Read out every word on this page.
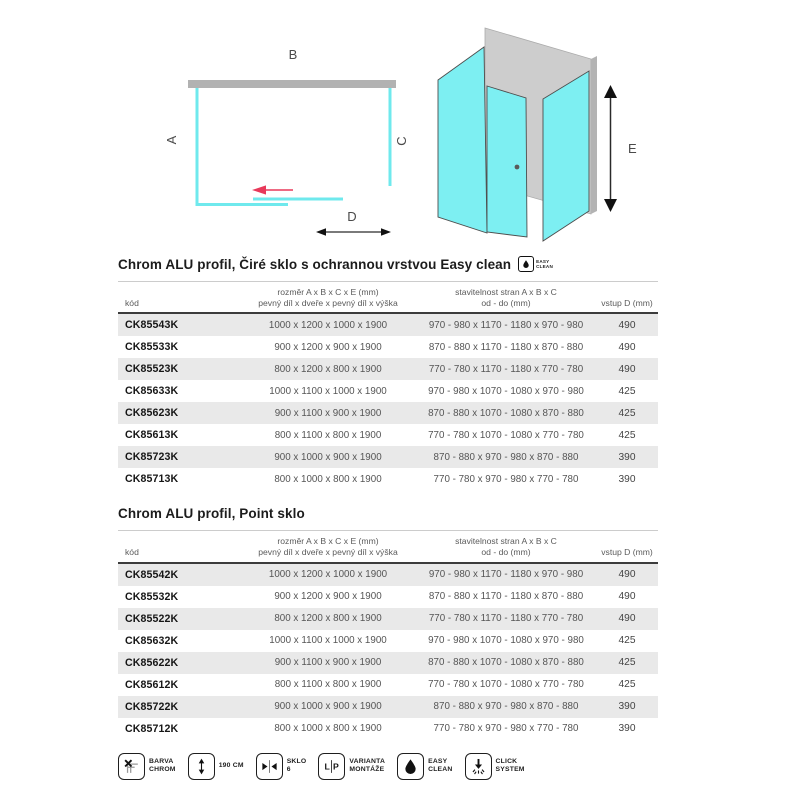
B
A	C
D
E
Chrom ALU profil, Čiré sklo s ochrannou vrstvou Easy clean	EASY
CLEAN
kód
rozměr A x B x C x E (mm)
pevný díl x dveře x pevný díl x výška
stavitelnost stran A x B x C
od - do (mm)	vstup D (mm)
CK85543K	1000 x 1200 x 1000 x 1900	970 - 980 x 1170 - 1180 x 970 - 980	490
CK85533K	900 x 1200 x 900 x 1900	870 - 880 x 1170 - 1180 x 870 - 880	490
CK85523K	800 x 1200 x 800 x 1900	770 - 780 x 1170 - 1180 x 770 - 780	490
CK85633K	1000 x 1100 x 1000 x 1900	970 - 980 x 1070 - 1080 x 970 - 980	425
CK85623K	900 x 1100 x 900 x 1900	870 - 880 x 1070 - 1080 x 870 - 880	425
CK85613K	800 x 1100 x 800 x 1900	770 - 780 x 1070 - 1080 x 770 - 780	425
CK85723K	900 x 1000 x 900 x 1900	870 - 880 x 970 - 980 x 870 - 880	390
CK85713K	800 x 1000 x 800 x 1900	770 - 780 x 970 - 980 x 770 - 780	390
Chrom ALU profil, Point sklo
kód
rozměr A x B x C x E (mm)
pevný díl x dveře x pevný díl x výška
stavitelnost stran A x B x C
od - do (mm)	vstup D (mm)
CK85542K	1000 x 1200 x 1000 x 1900	970 - 980 x 1170 - 1180 x 970 - 980	490
CK85532K	900 x 1200 x 900 x 1900	870 - 880 x 1170 - 1180 x 870 - 880	490
CK85522K	800 x 1200 x 800 x 1900	770 - 780 x 1170 - 1180 x 770 - 780	490
CK85632K	1000 x 1100 x 1000 x 1900	970 - 980 x 1070 - 1080 x 970 - 980	425
CK85622K	900 x 1100 x 900 x 1900	870 - 880 x 1070 - 1080 x 870 - 880	425
CK85612K	800 x 1100 x 800 x 1900	770 - 780 x 1070 - 1080 x 770 - 780	425
CK85722K	900 x 1000 x 900 x 1900	870 - 880 x 970 - 980 x 870 - 880	390
CK85712K	800 x 1000 x 800 x 1900	770 - 780 x 970 - 980 x 770 - 780	390
BARVA
CHROM
190 CM
SKLO
6	L P VARIANTA
MONTÁŽE
EASY
CLEAN
CLICK
SYSTEM
